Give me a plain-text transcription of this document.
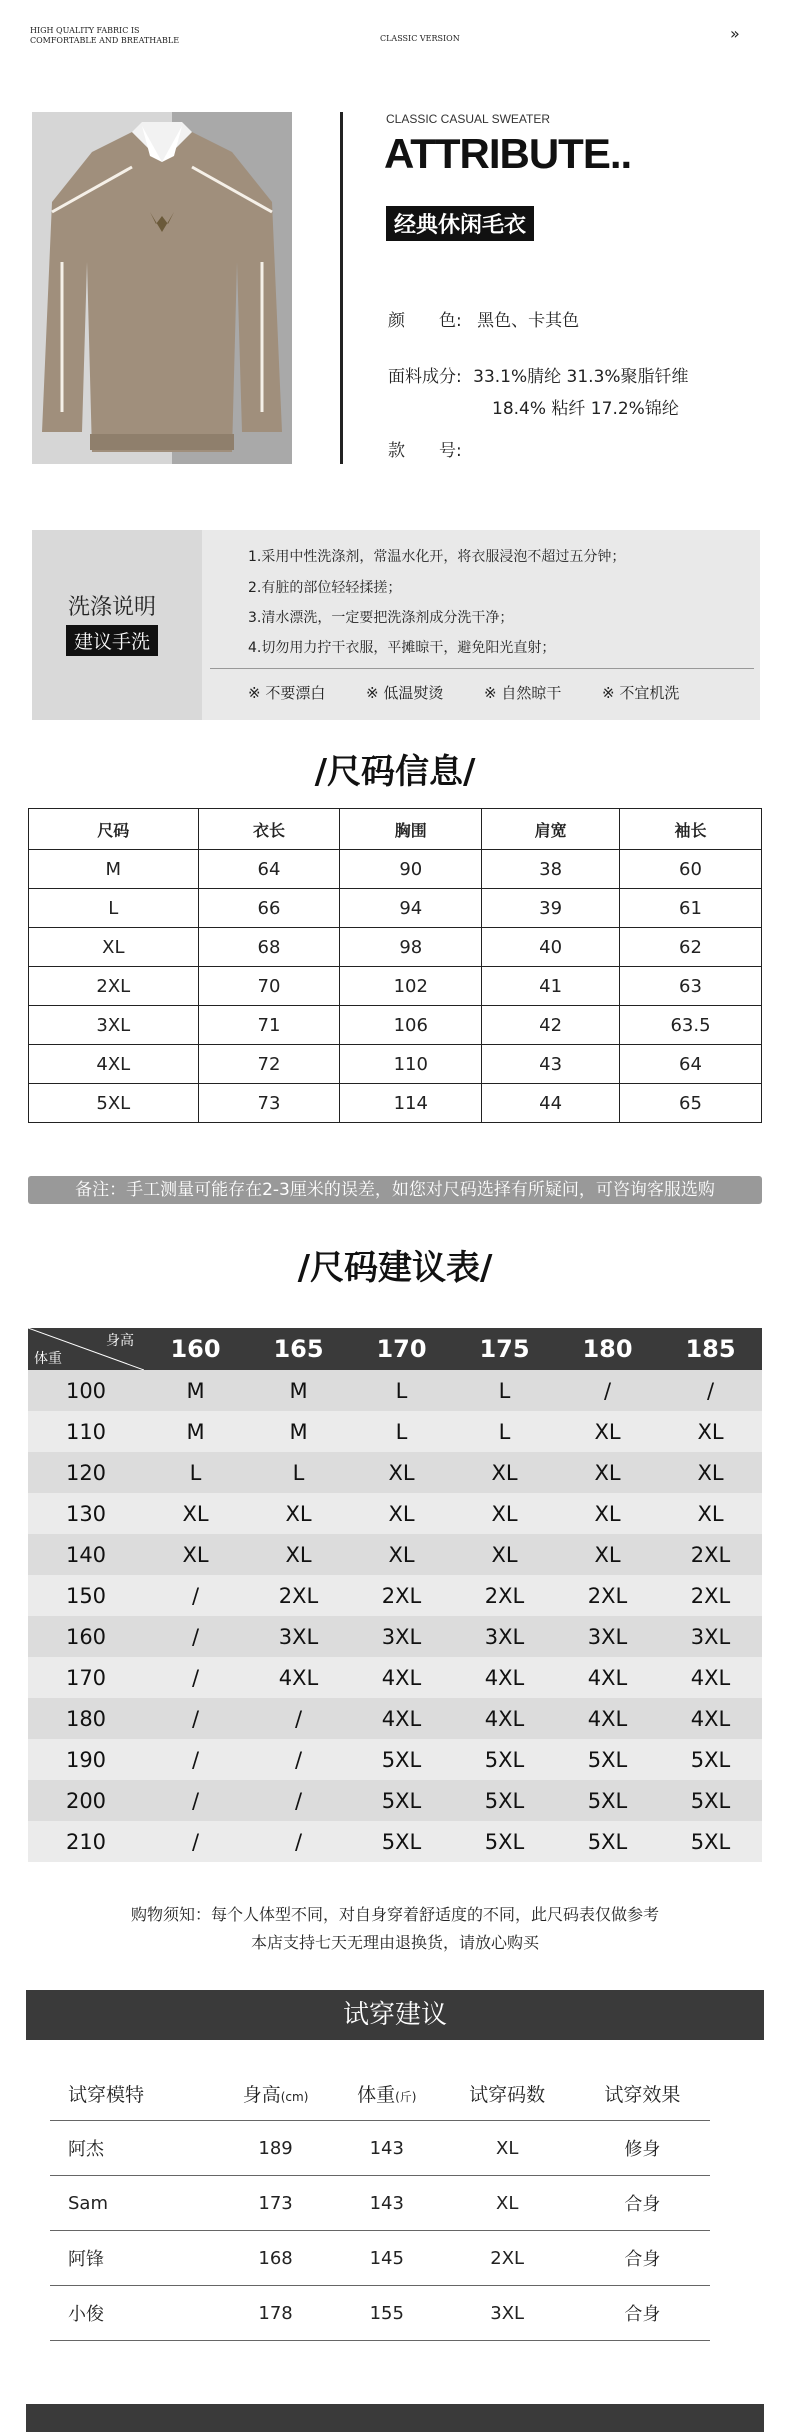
HIGH QUALITY FABRIC IS
COMFORTABLE AND BREATHABLE	CLASSIC VERSION	»
CLASSIC CASUAL SWEATER
ATTRIBUTE..
经典休闲毛衣
颜　　色: 黑色、卡其色
面料成分: 33.1%腈纶 31.3%聚脂钎维
18.4% 粘纤 17.2%锦纶
款　　号:
洗涤说明
建议手洗
1.采用中性洗涤剂，常温水化开，将衣服浸泡不超过五分钟；
2.有脏的部位轻轻揉搓；
3.清水漂洗，一定要把洗涤剂成分洗干净；
4.切勿用力拧干衣服，平摊晾干，避免阳光直射；
※ 不要漂白	※ 低温熨烫	※ 自然晾干	※ 不宜机洗
/尺码信息/
尺码	衣长	胸围	肩宽	袖长
M	64	90	38	60
L	66	94	39	61
XL	68	98	40	62
2XL	70	102	41	63
3XL	71	106	42	63.5
4XL	72	110	43	64
5XL	73	114	44	65
备注：手工测量可能存在2-3厘米的误差，如您对尺码选择有所疑问，可咨询客服选购
/尺码建议表/
身高
体重	160	165	170	175	180	185
100	M	M	L	L	/	/
110	M	M	L	L	XL	XL
120	L	L	XL	XL	XL	XL
130	XL	XL	XL	XL	XL	XL
140	XL	XL	XL	XL	XL	2XL
150	/	2XL	2XL	2XL	2XL	2XL
160	/	3XL	3XL	3XL	3XL	3XL
170	/	4XL	4XL	4XL	4XL	4XL
180	/	/	4XL	4XL	4XL	4XL
190	/	/	5XL	5XL	5XL	5XL
200	/	/	5XL	5XL	5XL	5XL
210	/	/	5XL	5XL	5XL	5XL
购物须知：每个人体型不同，对自身穿着舒适度的不同，此尺码表仅做参考
本店支持七天无理由退换货，请放心购买
试穿建议
试穿模特	身高(cm)	体重(斤)	试穿码数	试穿效果
阿杰	189	143	XL	修身
Sam	173	143	XL	合身
阿锋	168	145	2XL	合身
小俊	178	155	3XL	合身
